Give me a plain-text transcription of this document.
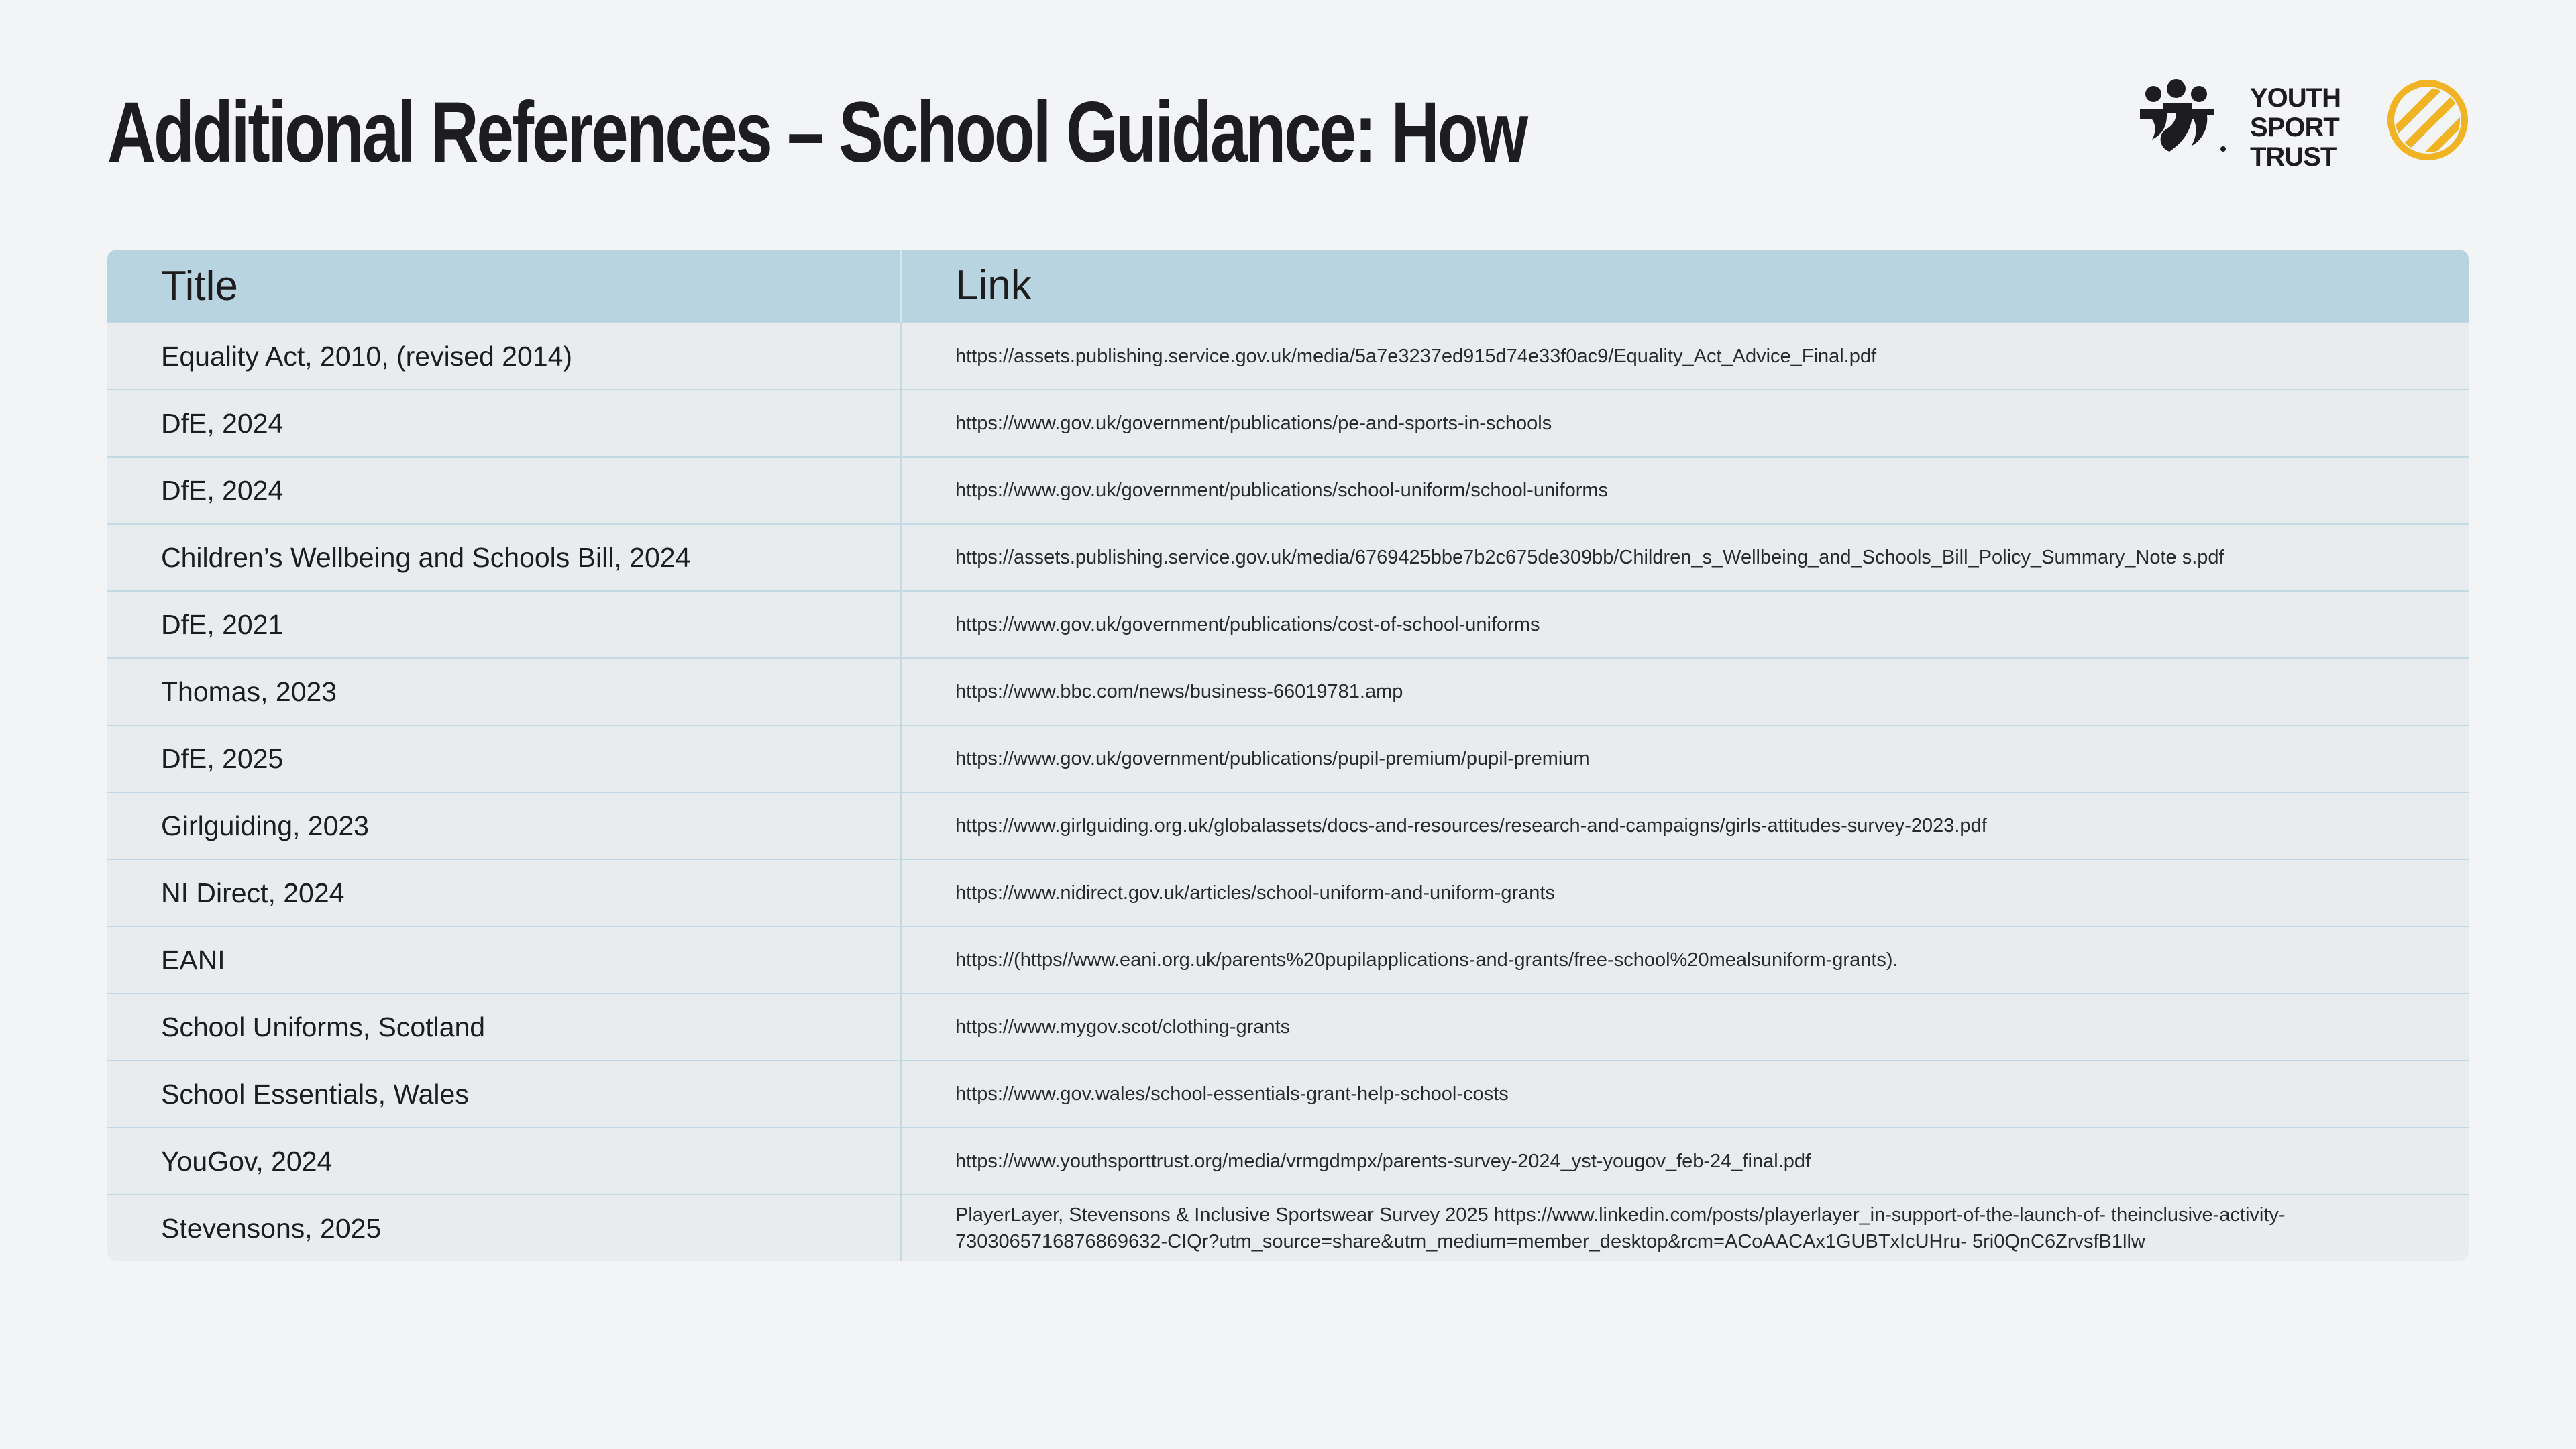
Additional References – School Guidance: How	YOUTH
SPORT
TRUST
Title	Link
Equality Act, 2010, (revised 2014)	https://assets.publishing.service.gov.uk/media/5a7e3237ed915d74e33f0ac9/Equality_Act_Advice_Final.pdf
DfE, 2024	https://www.gov.uk/government/publications/pe-and-sports-in-schools
DfE, 2024	https://www.gov.uk/government/publications/school-uniform/school-uniforms
Children’s Wellbeing and Schools Bill, 2024	https://assets.publishing.service.gov.uk/media/6769425bbe7b2c675de309bb/Children_s_Wellbeing_and_Schools_Bill_Policy_Summary_Note s.pdf
DfE, 2021	https://www.gov.uk/government/publications/cost-of-school-uniforms
Thomas, 2023	https://www.bbc.com/news/business-66019781.amp
DfE, 2025	https://www.gov.uk/government/publications/pupil-premium/pupil-premium
Girlguiding, 2023	https://www.girlguiding.org.uk/globalassets/docs-and-resources/research-and-campaigns/girls-attitudes-survey-2023.pdf
NI Direct, 2024	https://www.nidirect.gov.uk/articles/school-uniform-and-uniform-grants
EANI	https://(https//www.eani.org.uk/parents%20pupilapplications-and-grants/free-school%20mealsuniform-grants).
School Uniforms, Scotland	https://www.mygov.scot/clothing-grants
School Essentials, Wales	https://www.gov.wales/school-essentials-grant-help-school-costs
YouGov, 2024	https://www.youthsporttrust.org/media/vrmgdmpx/parents-survey-2024_yst-yougov_feb-24_final.pdf
Stevensons, 2025	PlayerLayer, Stevensons & Inclusive Sportswear Survey 2025 https://www.linkedin.com/posts/playerlayer_in-support-of-the-launch-of- theinclusive-activity-7303065716876869632-CIQr?utm_source=share&utm_medium=member_desktop&rcm=ACoAACAx1GUBTxIcUHru- 5ri0QnC6ZrvsfB1llw
